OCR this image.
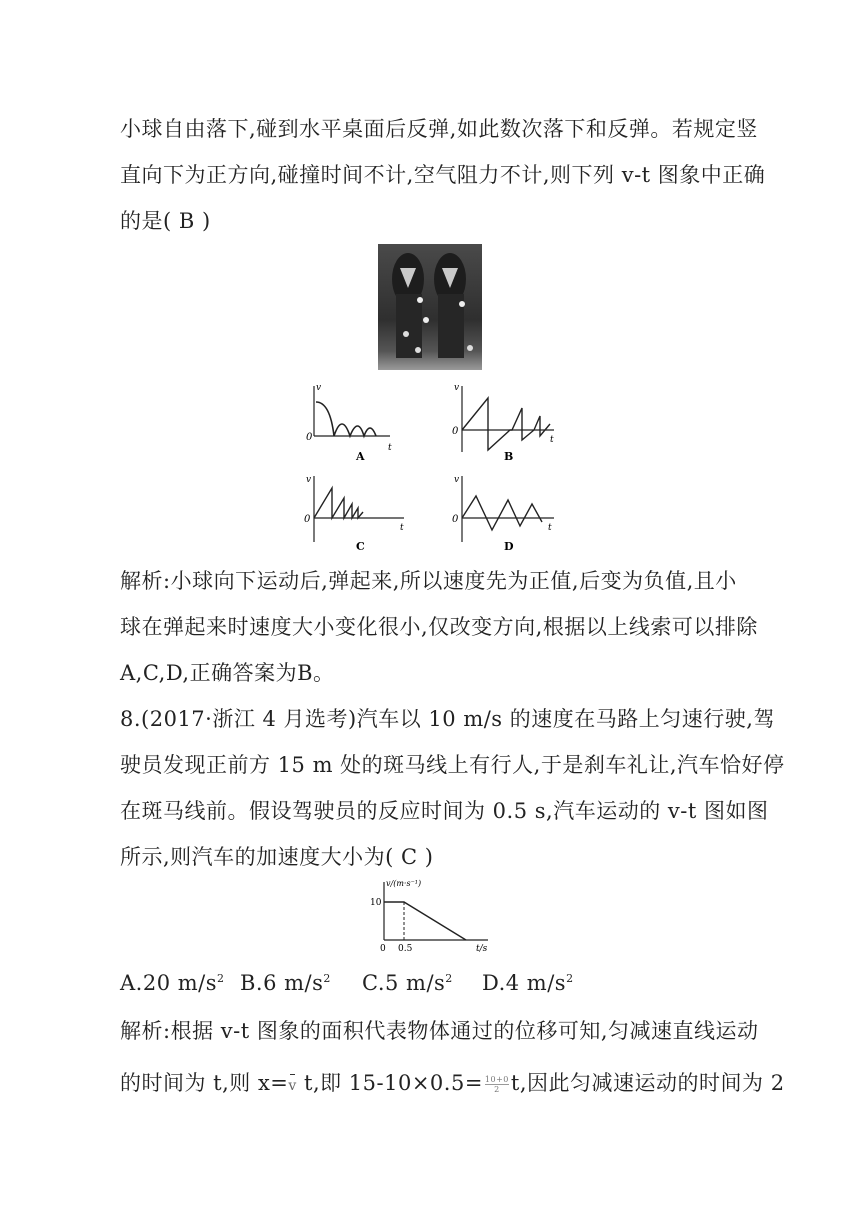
小球自由落下,碰到水平桌面后反弹,如此数次落下和反弹。若规定竖
直向下为正方向,碰撞时间不计,空气阻力不计,则下列 v-t 图象中正确
的是( B )
v
0
t
A
v
0
t
B
v
0
t
C
v
0
t
D
解析:小球向下运动后,弹起来,所以速度先为正值,后变为负值,且小
球在弹起来时速度大小变化很小,仅改变方向,根据以上线索可以排除
A,C,D,正确答案为B。
8.(2017·浙江 4 月选考)汽车以 10 m/s 的速度在马路上匀速行驶,驾
驶员发现正前方 15 m 处的斑马线上有行人,于是刹车礼让,汽车恰好停
在斑马线前。假设驾驶员的反应时间为 0.5 s,汽车运动的 v-t 图如图
所示,则汽车的加速度大小为( C )
v/(m·s⁻¹)
10
0 0.5	t/s
A.20 $m/s^2$ B.6 $m/s^2$ C.5 $m/s^2$ D.4 $m/s^2$
解析:根据 v-t 图象的面积代表物体通过的位移可知,匀减速直线运动
的时间为 t,则 x=v t,即 $15-10\times 0.5= \frac{10+0}{2} t$,因此匀减速运动的时间为 2
